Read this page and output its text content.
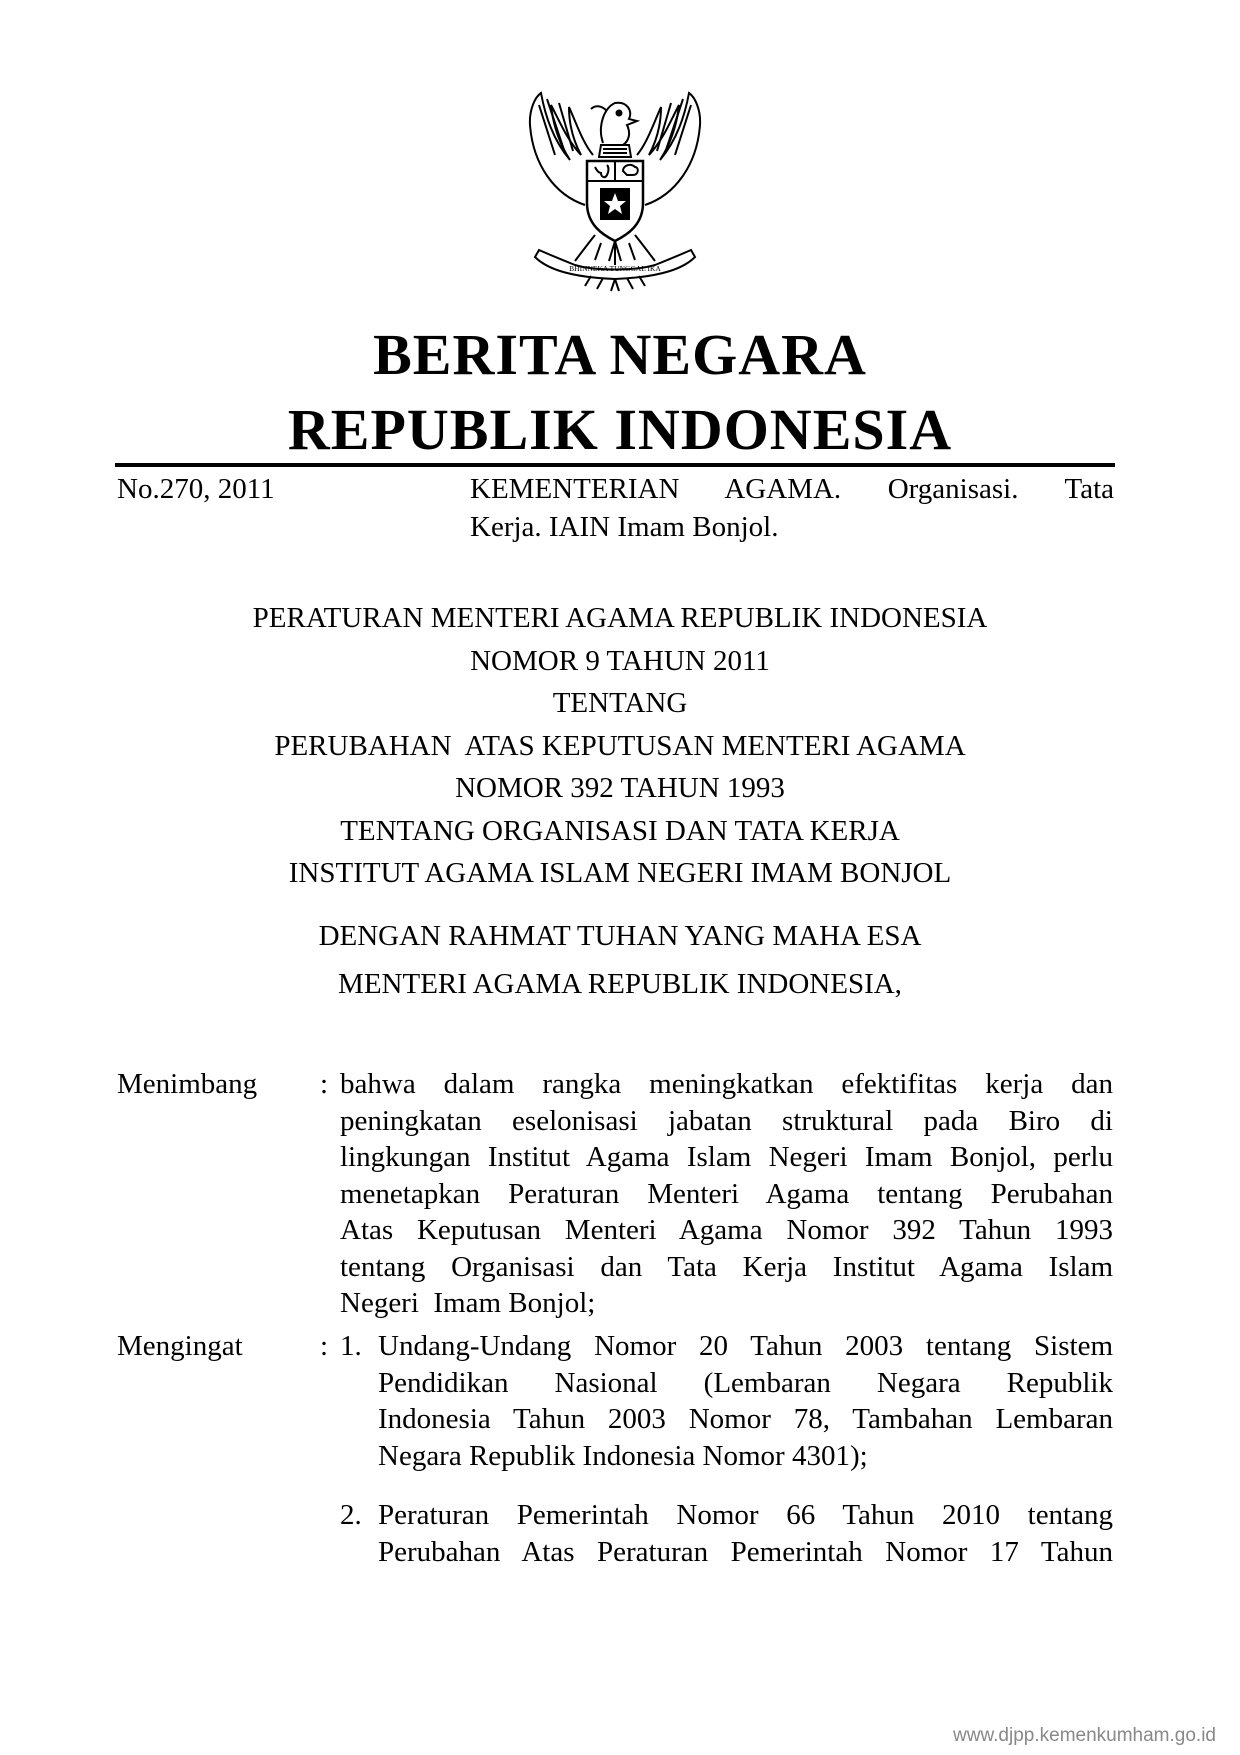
BHINNEKA TUNGGAL IKA
BERITA NEGARA
REPUBLIK INDONESIA
No.270, 2011	KEMENTERIAN AGAMA. Organisasi. Tata
Kerja. IAIN Imam Bonjol.
PERATURAN MENTERI AGAMA REPUBLIK INDONESIA
NOMOR 9 TAHUN 2011
TENTANG
PERUBAHAN  ATAS KEPUTUSAN MENTERI AGAMA
NOMOR 392 TAHUN 1993
TENTANG ORGANISASI DAN TATA KERJA
INSTITUT AGAMA ISLAM NEGERI IMAM BONJOL
DENGAN RAHMAT TUHAN YANG MAHA ESA
MENTERI AGAMA REPUBLIK INDONESIA,
Menimbang : bahwa dalam rangka meningkatkan efektifitas kerja dan
peningkatan eselonisasi jabatan struktural pada Biro di
lingkungan Institut Agama Islam Negeri Imam Bonjol, perlu
menetapkan Peraturan Menteri Agama tentang Perubahan
Atas Keputusan Menteri Agama Nomor 392 Tahun 1993
tentang Organisasi dan Tata Kerja Institut Agama Islam
Negeri  Imam Bonjol;
Mengingat	: 1. Undang-Undang Nomor 20 Tahun 2003 tentang Sistem
Pendidikan Nasional (Lembaran Negara Republik
Indonesia Tahun 2003 Nomor 78, Tambahan Lembaran
Negara Republik Indonesia Nomor 4301);
2. Peraturan Pemerintah Nomor 66 Tahun 2010 tentang
Perubahan Atas Peraturan Pemerintah Nomor 17 Tahun
www.djpp.kemenkumham.go.id
